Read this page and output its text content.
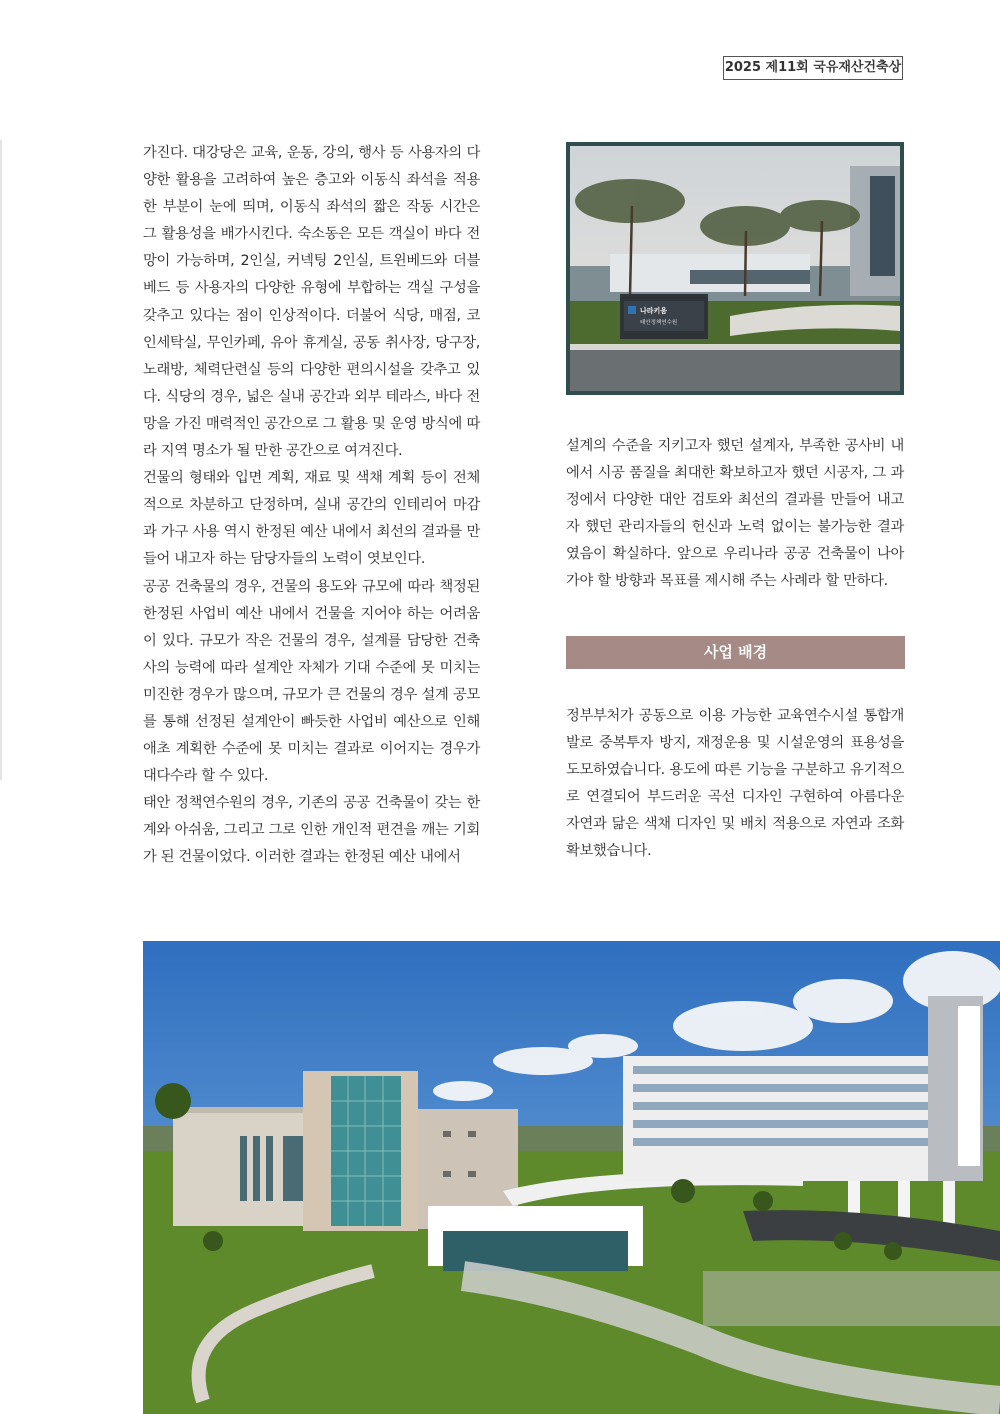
2025 제11회 국유재산건축상

가진다. 대강당은 교육, 운동, 강의, 행사 등 사용자의 다양한 활용을 고려하여 높은 층고와 이동식 좌석을 적용한 부분이 눈에 띄며, 이동식 좌석의 짧은 작동 시간은 그 활용성을 배가시킨다. 숙소동은 모든 객실이 바다 전망이 가능하며, 2인실, 커넥팅 2인실, 트윈베드와 더블베드 등 사용자의 다양한 유형에 부합하는 객실 구성을 갖추고 있다는 점이 인상적이다. 더불어 식당, 매점, 코인세탁실, 무인카페, 유아 휴게실, 공동 취사장, 당구장, 노래방, 체력단련실 등의 다양한 편의시설을 갖추고 있다. 식당의 경우, 넓은 실내 공간과 외부 테라스, 바다 전망을 가진 매력적인 공간으로 그 활용 및 운영 방식에 따라 지역 명소가 될 만한 공간으로 여겨진다.

건물의 형태와 입면 계획, 재료 및 색채 계획 등이 전체적으로 차분하고 단정하며, 실내 공간의 인테리어 마감과 가구 사용 역시 한정된 예산 내에서 최선의 결과를 만들어 내고자 하는 담당자들의 노력이 엿보인다.

공공 건축물의 경우, 건물의 용도와 규모에 따라 책정된 한정된 사업비 예산 내에서 건물을 지어야 하는 어려움이 있다. 규모가 작은 건물의 경우, 설계를 담당한 건축사의 능력에 따라 설계안 자체가 기대 수준에 못 미치는 미진한 경우가 많으며, 규모가 큰 건물의 경우 설계 공모를 통해 선정된 설계안이 빠듯한 사업비 예산으로 인해 애초 계획한 수준에 못 미치는 결과로 이어지는 경우가 대다수라 할 수 있다.

태안 정책연수원의 경우, 기존의 공공 건축물이 갖는 한계와 아쉬움, 그리고 그로 인한 개인적 편견을 깨는 기회가 된 건물이었다. 이러한 결과는 한정된 예산 내에서

나라키움
태안정책연수원

설계의 수준을 지키고자 했던 설계자, 부족한 공사비 내에서 시공 품질을 최대한 확보하고자 했던 시공자, 그 과정에서 다양한 대안 검토와 최선의 결과를 만들어 내고자 했던 관리자들의 헌신과 노력 없이는 불가능한 결과였음이 확실하다. 앞으로 우리나라 공공 건축물이 나아가야 할 방향과 목표를 제시해 주는 사례라 할 만하다.

사업 배경

정부부처가 공동으로 이용 가능한 교육연수시설 통합개발로 중복투자 방지, 재정운용 및 시설운영의 표용성을 도모하였습니다. 용도에 따른 기능을 구분하고 유기적으로 연결되어 부드러운 곡선 디자인 구현하여 아름다운 자연과 닮은 색채 디자인 및 배치 적용으로 자연과 조화 확보했습니다.
